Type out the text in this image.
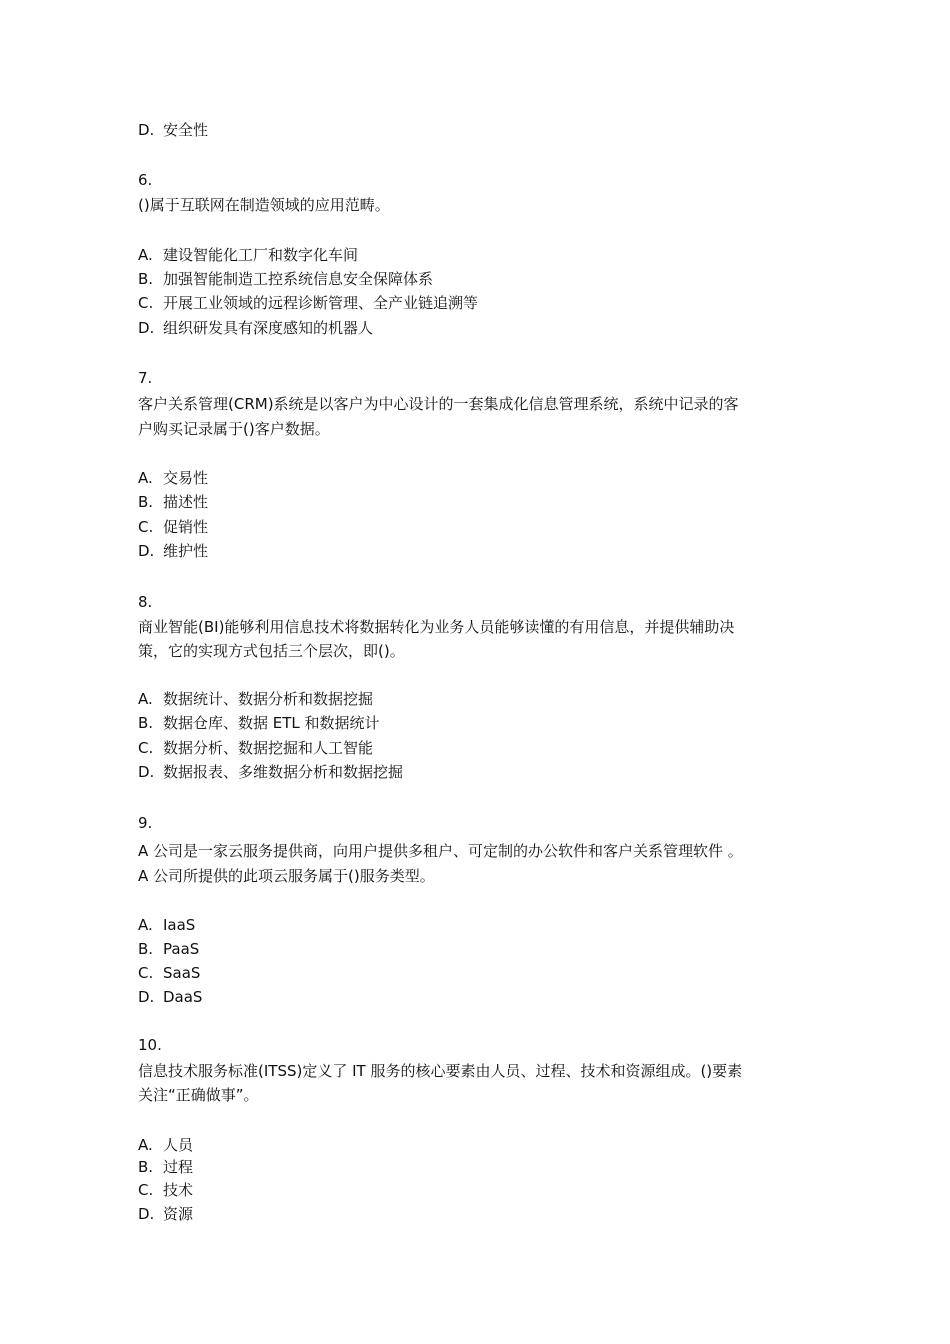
D. 安全性
6.
()属于互联网在制造领域的应用范畴。
A. 建设智能化工厂和数字化车间
B. 加强智能制造工控系统信息安全保障体系
C. 开展工业领域的远程诊断管理、全产业链追溯等
D. 组织研发具有深度感知的机器人
7.
客户关系管理(CRM)系统是以客户为中心设计的一套集成化信息管理系统，系统中记录的客
户购买记录属于()客户数据。
A. 交易性
B. 描述性
C. 促销性
D. 维护性
8.
商业智能(BI)能够利用信息技术将数据转化为业务人员能够读懂的有用信息，并提供辅助决
策，它的实现方式包括三个层次，即()。
A. 数据统计、数据分析和数据挖掘
B. 数据仓库、数据 ETL 和数据统计
C. 数据分析、数据挖掘和人工智能
D. 数据报表、多维数据分析和数据挖掘
9.
A 公司是一家云服务提供商，向用户提供多租户、可定制的办公软件和客户关系管理软件 。
A 公司所提供的此项云服务属于()服务类型。
A. IaaS
B. PaaS
C. SaaS
D. DaaS
10.
信息技术服务标准(ITSS)定义了 IT 服务的核心要素由人员、过程、技术和资源组成。()要素
关注“正确做事”。
A. 人员
B. 过程
C. 技术
D. 资源
